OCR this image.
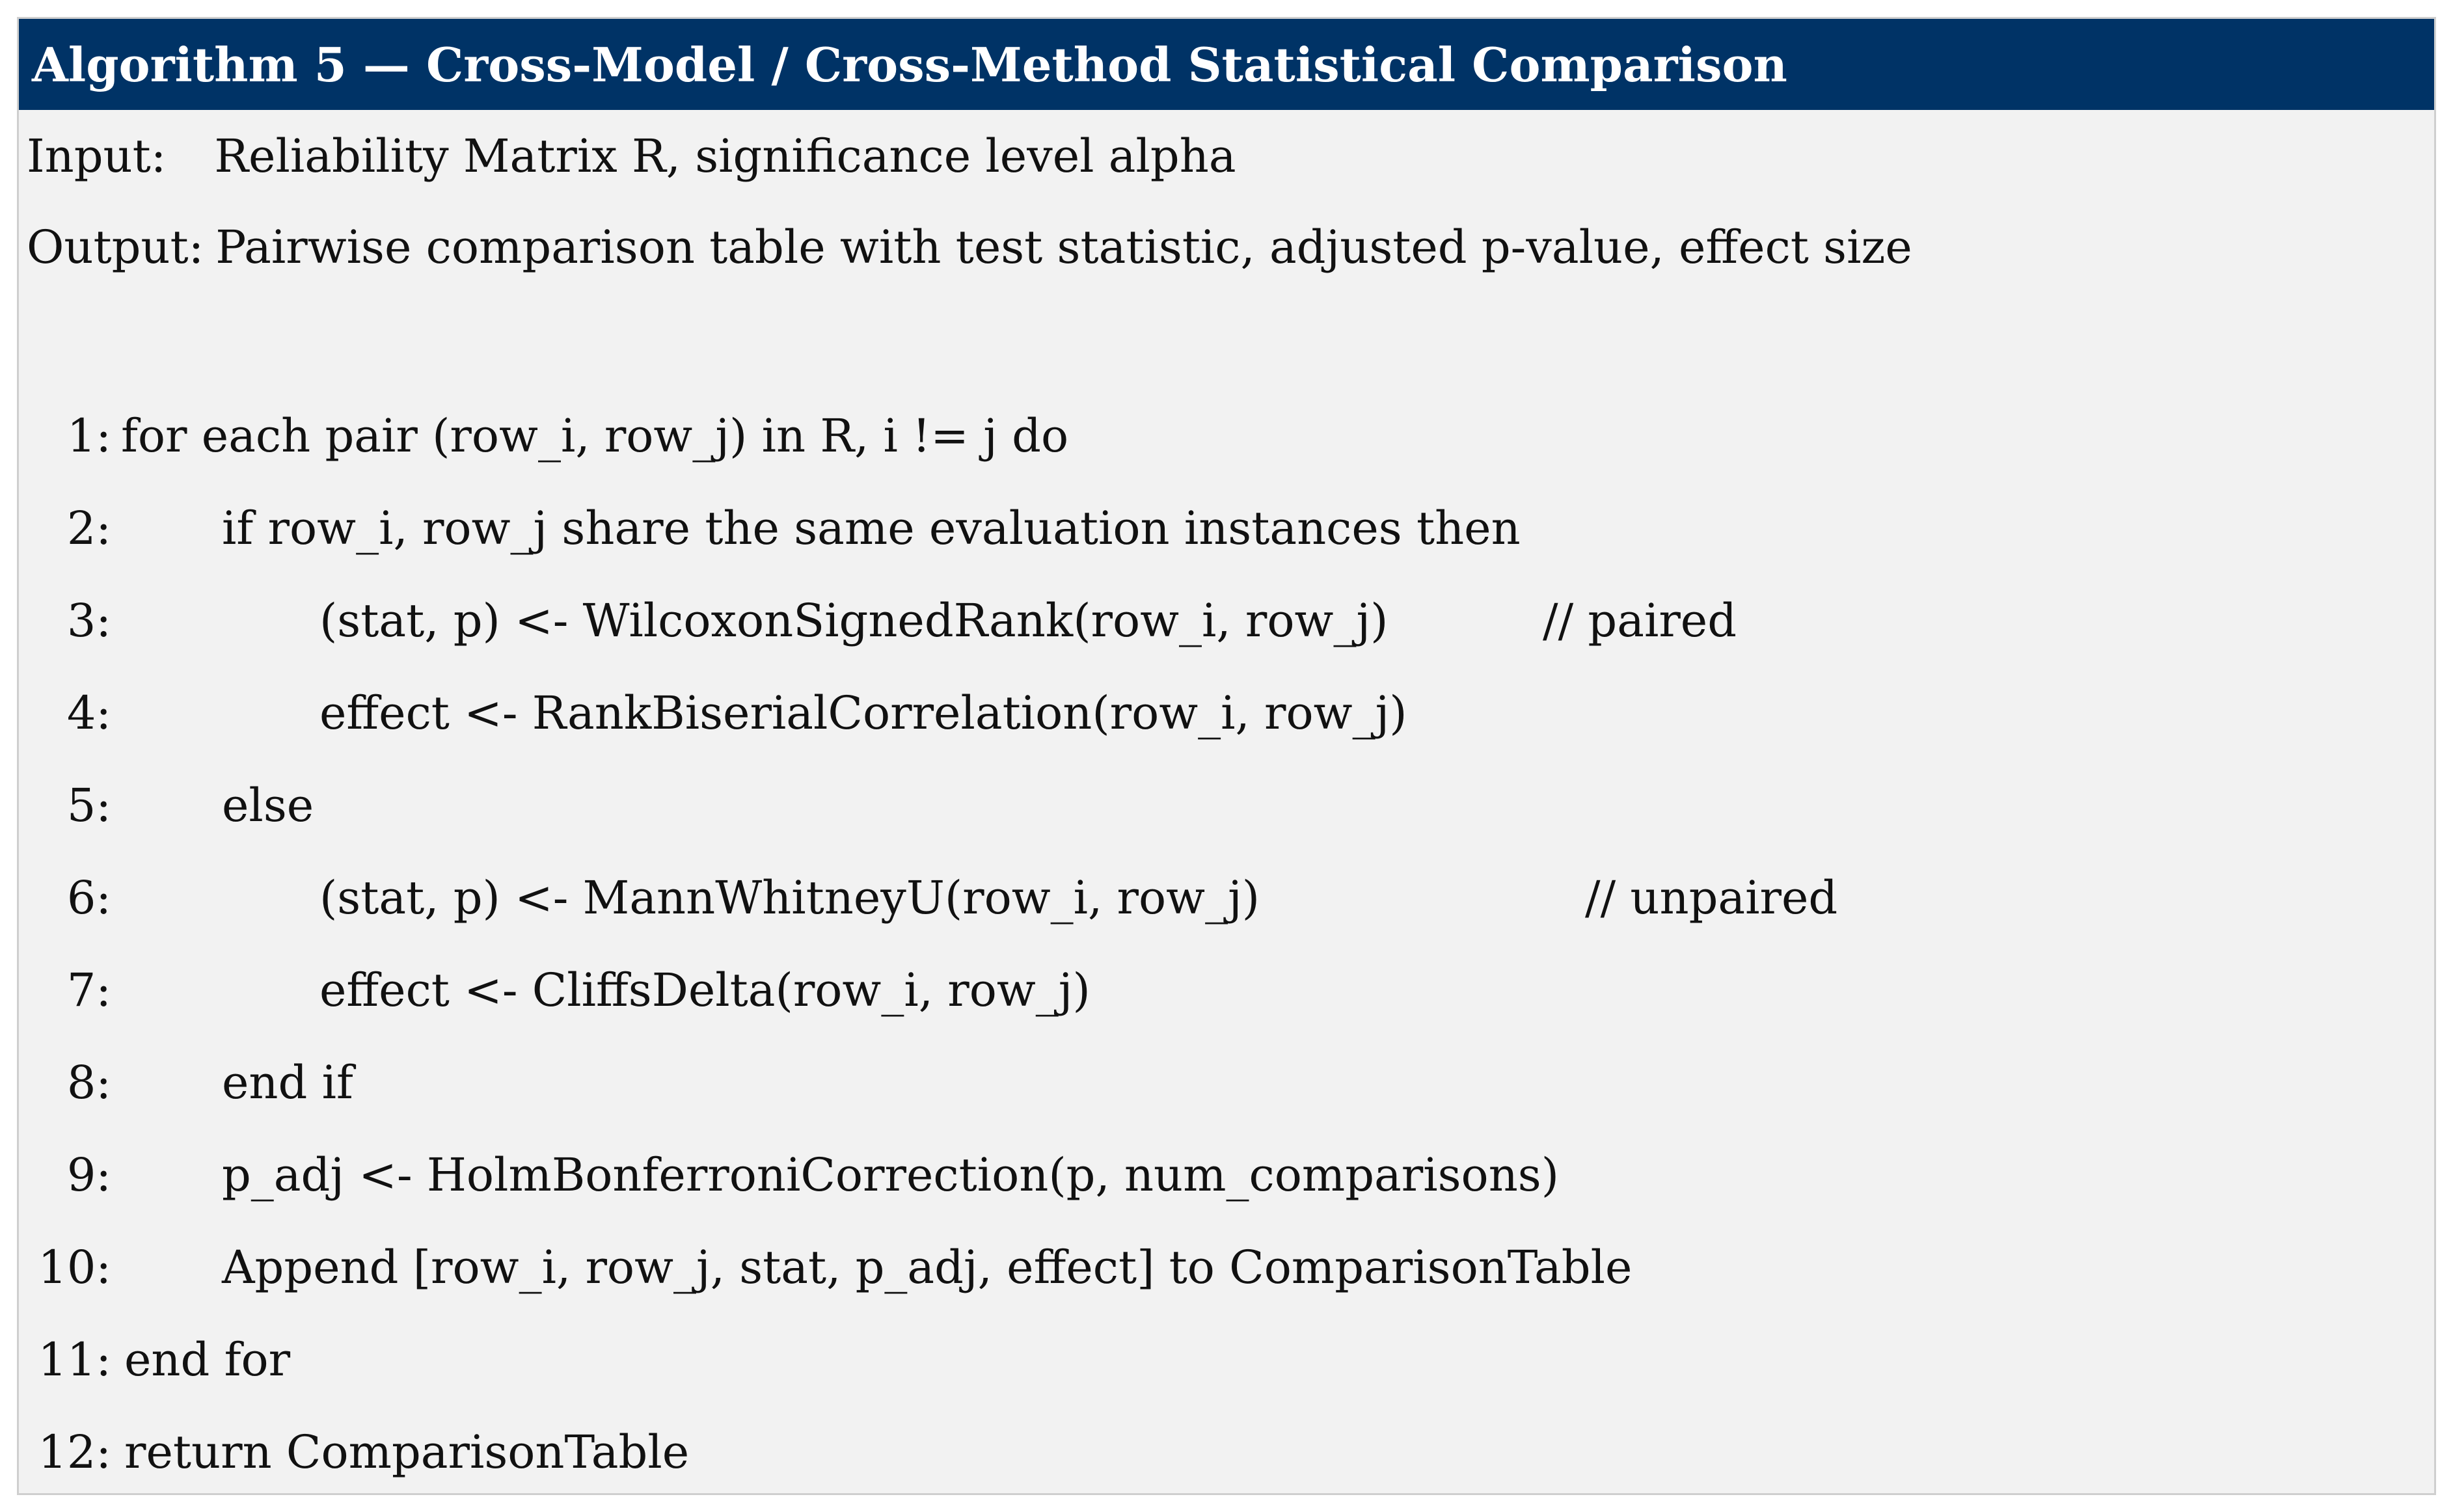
Algorithm 5 — Cross-Model / Cross-Method Statistical Comparison
Input: Reliability Matrix R, significance level alpha
Output: Pairwise comparison table with test statistic, adjusted p-value, effect size
1: for each pair (row_i, row_j) in R, i != j do
2: if row_i, row_j share the same evaluation instances then
3:	(stat, p) <- WilcoxonSignedRank(row_i, row_j)	// paired
4:	effect <- RankBiserialCorrelation(row_i, row_j)
5: else
6:	(stat, p) <- MannWhitneyU(row_i, row_j)	// unpaired
7:	effect <- CliffsDelta(row_i, row_j)
8: end if
9: p_adj <- HolmBonferroniCorrection(p, num_comparisons)
10: Append [row_i, row_j, stat, p_adj, effect] to ComparisonTable
11: end for
12: return ComparisonTable
